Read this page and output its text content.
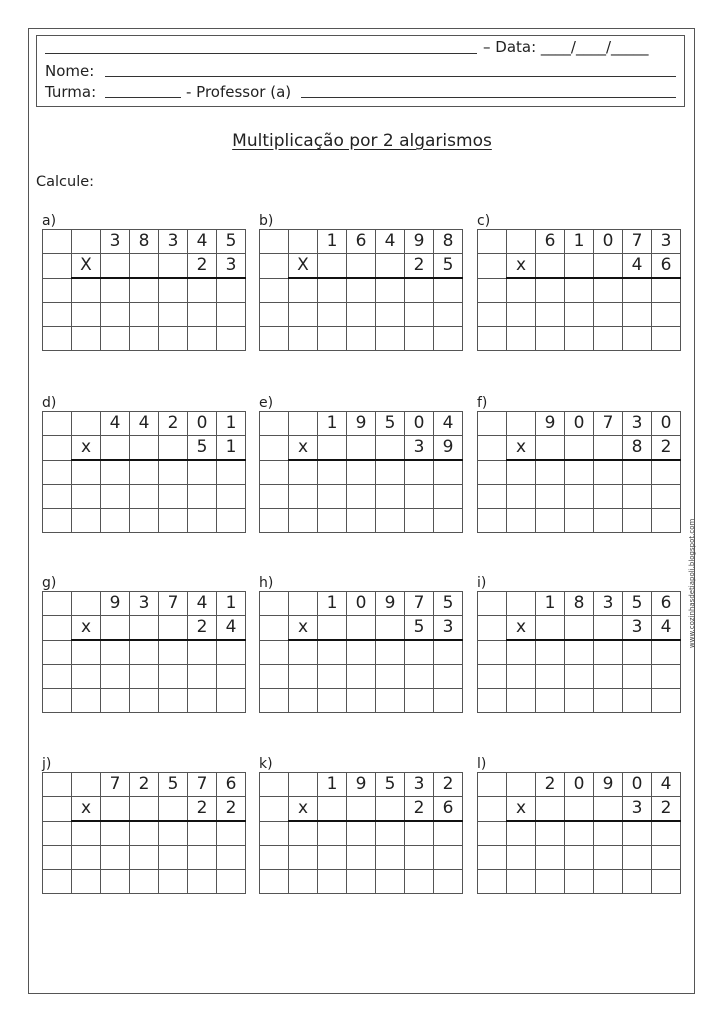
– Data: ____/____/_____
Nome:
Turma:	- Professor (a)
Multiplicação por 2 algarismos
Calcule:
a)
		3	8	3	4	5
	X				2	3

b)
		1	6	4	9	8
	X				2	5

c)
		6	1	0	7	3
	x				4	6

d)
		4	4	2	0	1
	x				5	1

e)
		1	9	5	0	4
	x				3	9

f)
		9	0	7	3	0
	x				8	2

g)
		9	3	7	4	1
	x				2	4

h)
		1	0	9	7	5
	x				5	3

i)
		1	8	3	5	6
	x				3	4

j)
		7	2	5	7	6
	x				2	2

k)
		1	9	5	3	2
	x				2	6

l)
		2	0	9	0	4
	x				3	2

www.cozinhasdetiapoli.blogspot.com
